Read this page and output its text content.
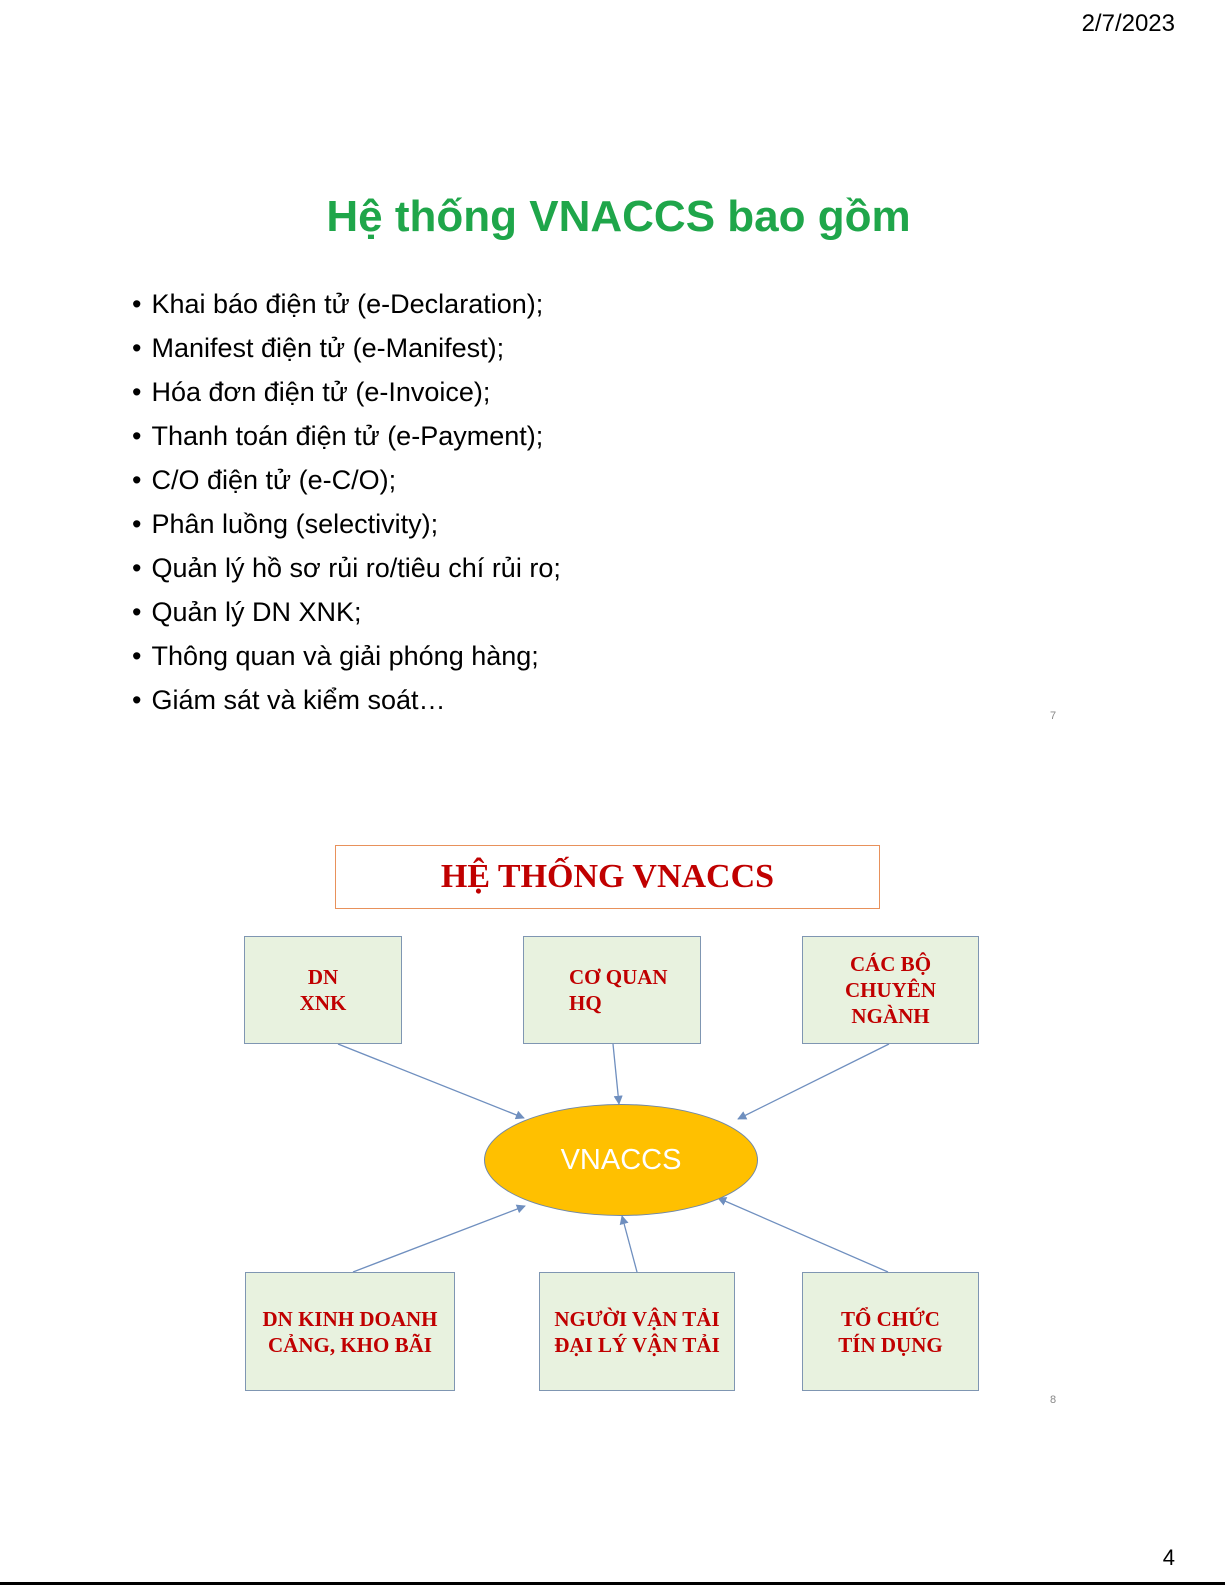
2/7/2023
Hệ thống VNACCS bao gồm
• Khai báo điện tử (e-Declaration);
• Manifest điện tử (e-Manifest);
• Hóa đơn điện tử (e-Invoice);
• Thanh toán điện tử (e-Payment);
• C/O điện tử (e-C/O);
• Phân luồng (selectivity);
• Quản lý hồ sơ rủi ro/tiêu chí rủi ro;
• Quản lý DN XNK;
• Thông quan và giải phóng hàng;
• Giám sát và kiểm soát…
7
HỆ THỐNG VNACCS
DN
XNK
CƠ QUAN
HQ
CÁC BỘ
CHUYÊN
NGÀNH
VNACCS
DN KINH DOANH
CẢNG, KHO BÃI
NGƯỜI VẬN TẢI
ĐẠI LÝ VẬN TẢI
TỔ CHỨC
TÍN DỤNG
8
4
